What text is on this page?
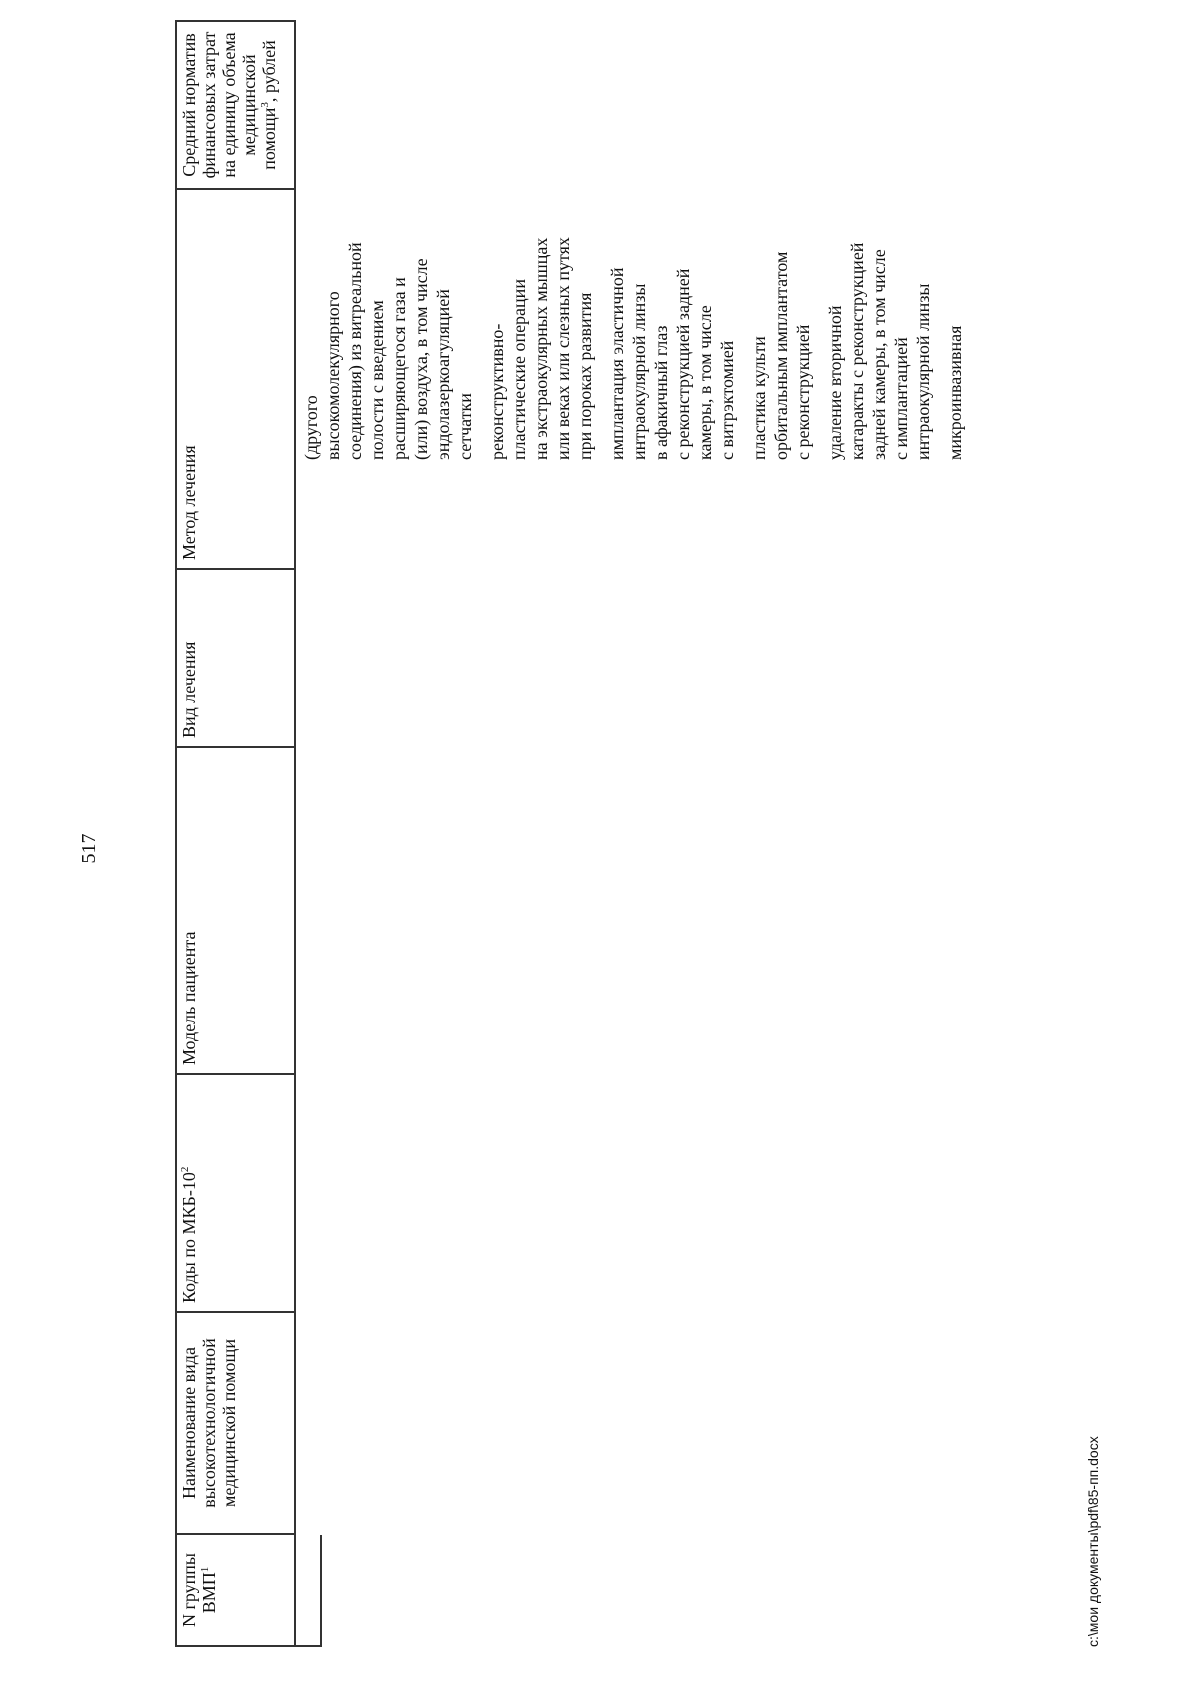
517
N группы ВМП$^1$
Наименование вида высокотехнологичной медицинской помощи
Коды по МКБ-$10^2$
Модель пациента
Вид лечения
Метод лечения
Средний норматив финансовых затрат на единицу объема медицинской помощи$^3$, рублей
(другого
высокомолекулярного
соединения) из витреальной
полости с введением
расширяющегося газа и
(или) воздуха, в том числе
эндолазеркоагуляцией
сетчатки реконструктивно-
пластические операции
на экстраокулярных мышцах
или веках или слезных путях
при пороках развития
имплантация эластичной
интраокулярной линзы
в афакичный глаз
с реконструкцией задней
камеры, в том числе
с витрэктомией пластика культи
орбитальным имплантатом
с реконструкцией удаление вторичной
катаракты с реконструкцией
задней камеры, в том числе
с имплантацией
интраокулярной линзы
микроинвазивная
c:\мои документы\pdf\85-пп.docx
